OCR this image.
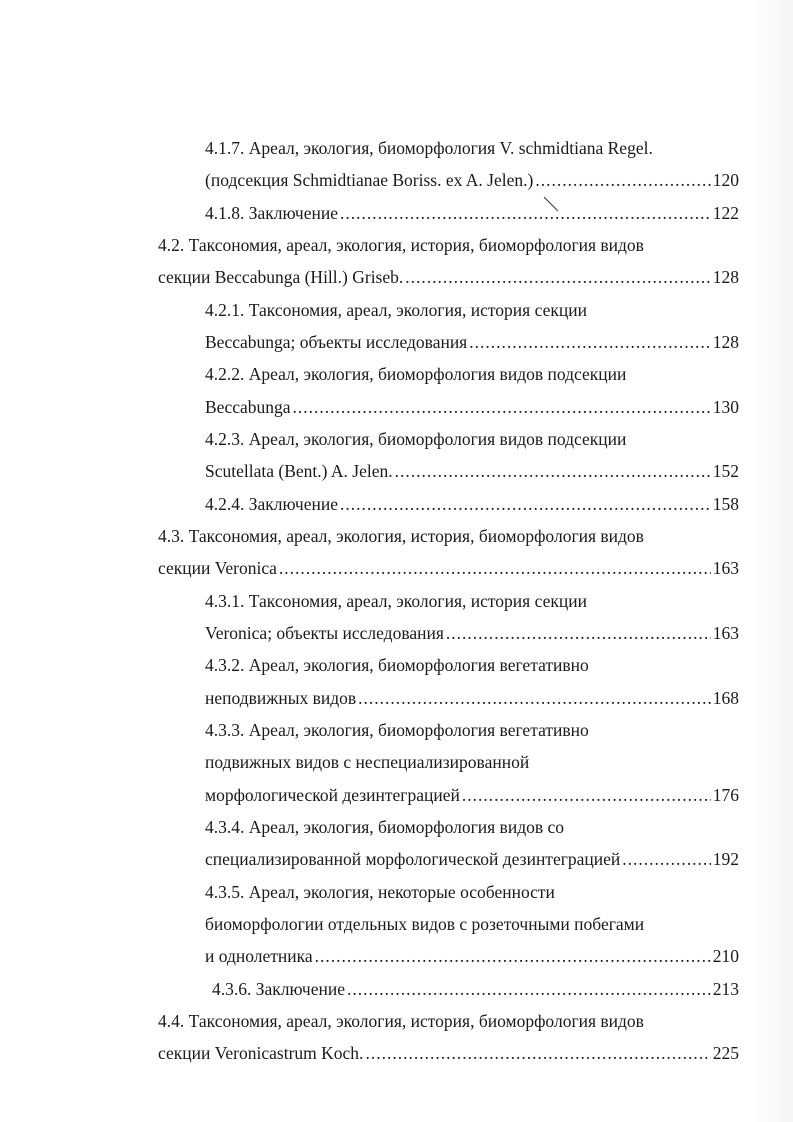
4.1.7. Ареал, экология, биоморфология V. schmidtiana Regel.
(подсекция Schmidtianae Boriss. ex A. Jelen.) .....	120
4.1.8. Заключение .....	122
4.2. Таксономия, ареал, экология, история, биоморфология видов
секции Beccabunga (Hill.) Griseb. .....	128
4.2.1. Таксономия, ареал, экология, история секции
Beccabunga; объекты исследования .....	128
4.2.2. Ареал, экология, биоморфология видов подсекции
Beccabunga .....	130
4.2.3. Ареал, экология, биоморфология видов подсекции
Scutellata (Bent.) A. Jelen. .....	152
4.2.4. Заключение .....	158
4.3. Таксономия, ареал, экология, история, биоморфология видов
секции Veronica .....	163
4.3.1. Таксономия, ареал, экология, история секции
Veronica; объекты исследования .....	163
4.3.2. Ареал, экология, биоморфология вегетативно
неподвижных видов .....	168
4.3.3. Ареал, экология, биоморфология вегетативно
подвижных видов с неспециализированной
морфологической дезинтеграцией .....	176
4.3.4. Ареал, экология, биоморфология видов со
специализированной морфологической дезинтеграцией .....	192
4.3.5. Ареал, экология, некоторые особенности
биоморфологии отдельных видов с розеточными побегами
и однолетника .....	210
4.3.6. Заключение .....	213
4.4. Таксономия, ареал, экология, история, биоморфология видов
секции Veronicastrum Koch. .....	225
